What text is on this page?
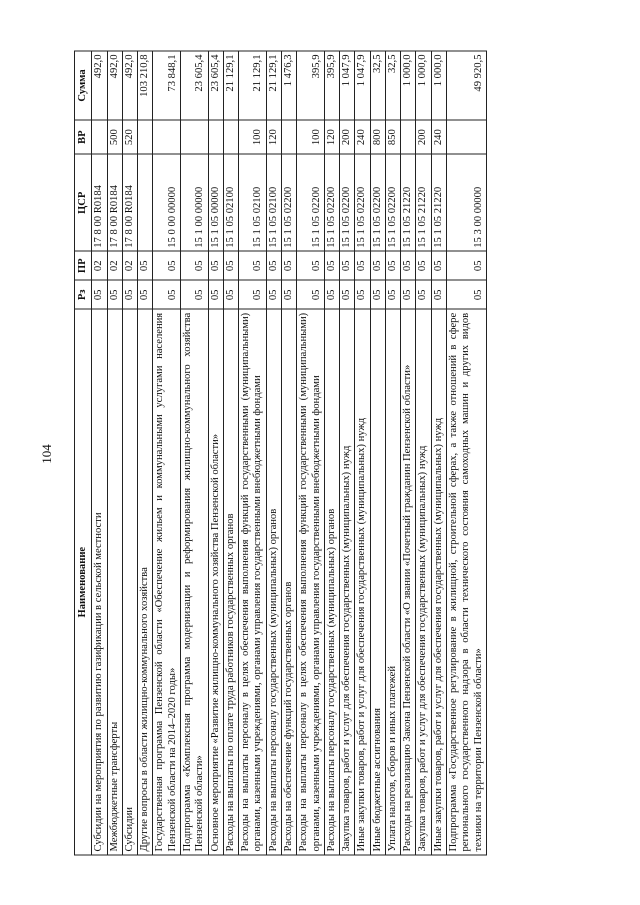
104
Наименование	Рз	ПР	ЦСР	ВР	Сумма
Субсидии на мероприятия по развитию газификации в сельской местности	05	02	17 8 00 R0184		492,0
Межбюджетные трансферты	05	02	17 8 00 R0184	500	492,0
Субсидии	05	02	17 8 00 R0184	520	492,0
Другие вопросы в области жилищно-коммунального хозяйства	05	05			103 210,8
Государственная программа Пензенской области «Обеспечение жильем и коммунальными услугами населения Пензенской области на 2014–2020 годы»	05	05	15 0 00 00000		73 848,1
Подпрограмма «Комплексная программа модернизации и реформирования жилищно-коммунального хозяйства Пензенской области»	05	05	15 1 00 00000		23 605,4
Основное мероприятие «Развитие жилищно-коммунального хозяйства Пензенской области»	05	05	15 1 05 00000		23 605,4
Расходы на выплаты по оплате труда работников государственных органов	05	05	15 1 05 02100		21 129,1
Расходы на выплаты персоналу в целях обеспечения выполнения функций государственными (муниципальными) органами, казенными учреждениями, органами управления государственными внебюджетными фондами	05	05	15 1 05 02100	100	21 129,1
Расходы на выплаты персоналу государственных (муниципальных) органов	05	05	15 1 05 02100	120	21 129,1
Расходы на обеспечение функций государственных органов	05	05	15 1 05 02200		1 476,3
Расходы на выплаты персоналу в целях обеспечения выполнения функций государственными (муниципальными) органами, казенными учреждениями, органами управления государственными внебюджетными фондами	05	05	15 1 05 02200	100	395,9
Расходы на выплаты персоналу государственных (муниципальных) органов	05	05	15 1 05 02200	120	395,9
Закупка товаров, работ и услуг для обеспечения государственных (муниципальных) нужд	05	05	15 1 05 02200	200	1 047,9
Иные закупки товаров, работ и услуг для обеспечения государственных (муниципальных) нужд	05	05	15 1 05 02200	240	1 047,9
Иные бюджетные ассигнования	05	05	15 1 05 02200	800	32,5
Уплата налогов, сборов и иных платежей	05	05	15 1 05 02200	850	32,5
Расходы на реализацию Закона Пензенской области «О звании «Почетный гражданин Пензенской области»	05	05	15 1 05 21220		1 000,0
Закупка товаров, работ и услуг для обеспечения государственных (муниципальных) нужд	05	05	15 1 05 21220	200	1 000,0
Иные закупки товаров, работ и услуг для обеспечения государственных (муниципальных) нужд	05	05	15 1 05 21220	240	1 000,0
Подпрограмма «Государственное регулирование в жилищной, строительной сферах, а также отношений в сфере регионального государственного надзора в области технического состояния самоходных машин и других видов техники на территории Пензенской области»	05	05	15 3 00 00000		49 920,5
